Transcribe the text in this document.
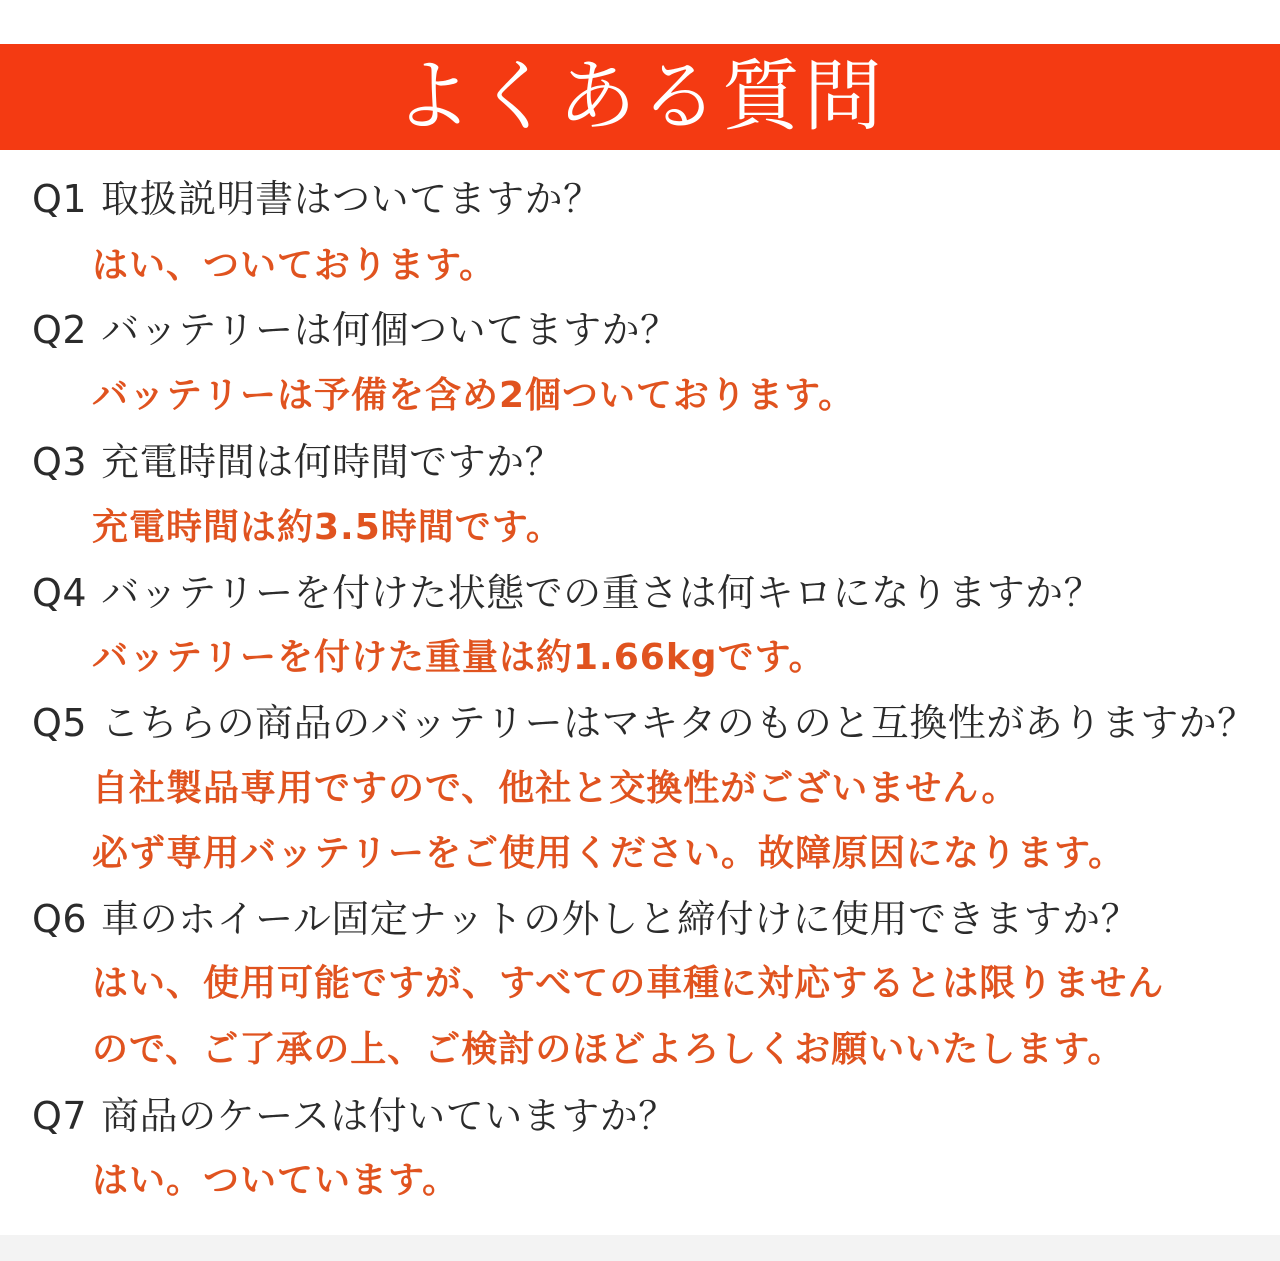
よくある質問
Q1 取扱説明書はついてますか？
はい、ついております。
Q2 バッテリーは何個ついてますか？
バッテリーは予備を含め2個ついております。
Q3 充電時間は何時間ですか？
充電時間は約3.5時間です。
Q4 バッテリーを付けた状態での重さは何キロになりますか？
バッテリーを付けた重量は約1.66kgです。
Q5 こちらの商品のバッテリーはマキタのものと互換性がありますか？
自社製品専用ですので、他社と交換性がございません。
必ず専用バッテリーをご使用ください。故障原因になります。
Q6 車のホイール固定ナットの外しと締付けに使用できますか？
はい、使用可能ですが、すべての車種に対応するとは限りません
ので、ご了承の上、ご検討のほどよろしくお願いいたします。
Q7 商品のケースは付いていますか？
はい。ついています。
